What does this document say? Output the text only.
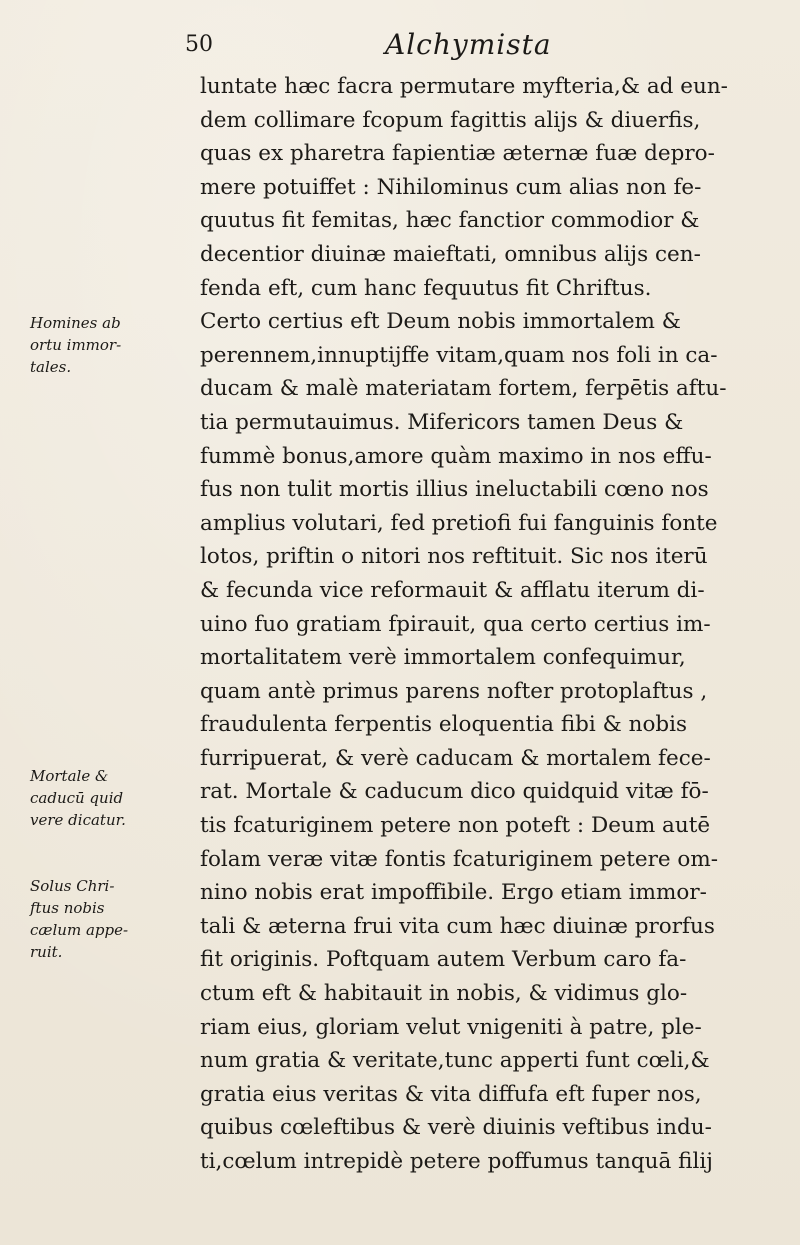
50	Alchymista
luntate hæc facra permutare myfteria,& ad eun-
dem collimare fcopum fagittis alijs & diuerfis,
quas ex pharetra fapientiæ æternæ fuæ depro-
mere potuiffet : Nihilominus cum alias non fe-
quutus fit femitas, hæc fanctior commodior &
decentior diuinæ maieftati, omnibus alijs cen-
fenda eft, cum hanc fequutus fit Chriftus.
Certo certius eft Deum nobis immortalem &
perennem,innuptijffe vitam,quam nos foli in ca-
ducam & malè materiatam fortem, ferpētis aftu-
tia permutauimus. Mifericors tamen Deus &
fummè bonus,amore quàm maximo in nos effu-
fus non tulit mortis illius ineluctabili cœno nos
amplius volutari, fed pretiofi fui fanguinis fonte
lotos, priftin o nitori nos reftituit. Sic nos iterū
& fecunda vice reformauit & afflatu iterum di-
uino fuo gratiam fpirauit, qua certo certius im-
mortalitatem verè immortalem confequimur,
quam antè primus parens nofter protoplaftus ,
fraudulenta ferpentis eloquentia fibi & nobis
furripuerat, & verè caducam & mortalem fece-
rat. Mortale & caducum dico quidquid vitæ fō-
tis fcaturiginem petere non poteft : Deum autē
folam veræ vitæ fontis fcaturiginem petere om-
nino nobis erat impoffibile. Ergo etiam immor-
tali & æterna frui vita cum hæc diuinæ prorfus
fit originis. Poftquam autem Verbum caro fa-
ctum eft & habitauit in nobis, & vidimus glo-
riam eius, gloriam velut vnigeniti à patre, ple-
num gratia & veritate,tunc apperti funt cœli,&
gratia eius veritas & vita diffufa eft fuper nos,
quibus cœleftibus & verè diuinis veftibus indu-
ti,cœlum intrepidè petere poffumus tanquā filij
Homines ab
ortu immor-
tales.
Mortale &
caducū quid
vere dicatur.
Solus Chri-
ftus nobis
cælum appe-
ruit.
